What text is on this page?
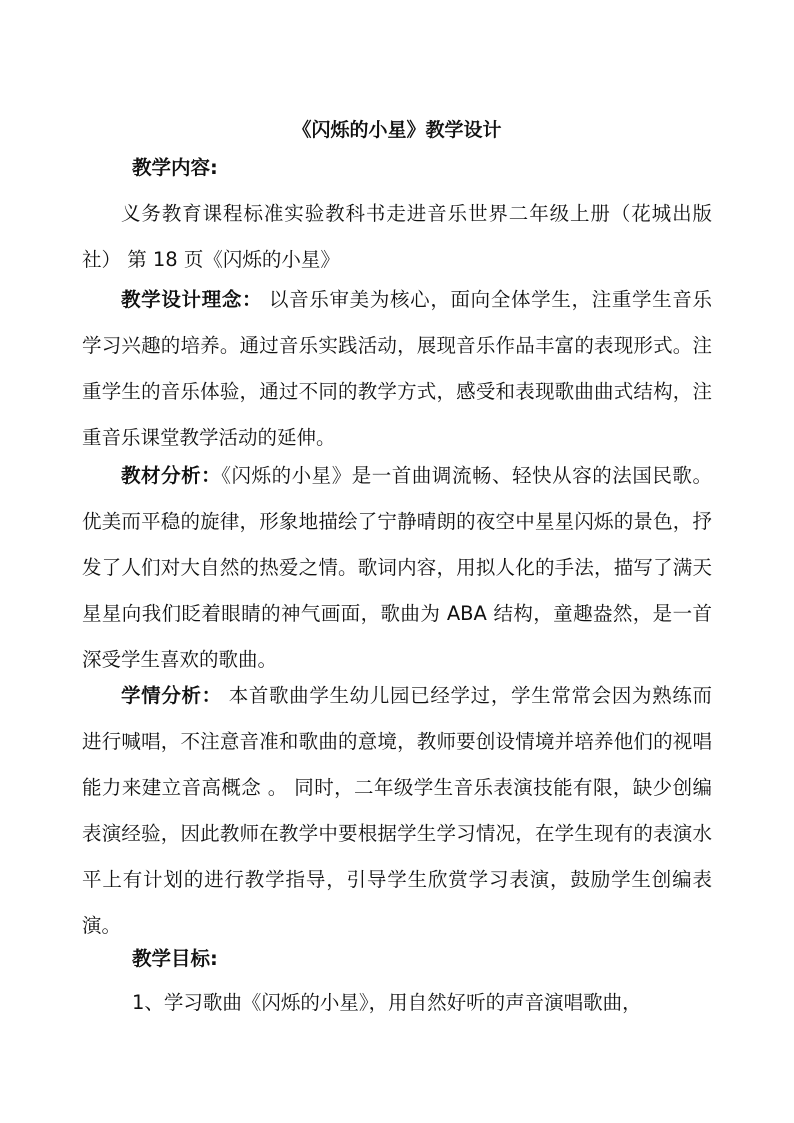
《闪烁的小星》教学设计
教学内容:
义务教育课程标准实验教科书走进音乐世界二年级上册（花城出版社） 第 18 页《闪烁的小星》
教学设计理念： 以音乐审美为核心，面向全体学生，注重学生音乐学习兴趣的培养。通过音乐实践活动，展现音乐作品丰富的表现形式。注重学生的音乐体验，通过不同的教学方式，感受和表现歌曲曲式结构，注重音乐课堂教学活动的延伸。
教材分析：《闪烁的小星》是一首曲调流畅、轻快从容的法国民歌。优美而平稳的旋律，形象地描绘了宁静晴朗的夜空中星星闪烁的景色，抒发了人们对大自然的热爱之情。歌词内容，用拟人化的手法，描写了满天星星向我们眨着眼睛的神气画面，歌曲为 ABA 结构，童趣盎然，是一首深受学生喜欢的歌曲。
学情分析： 本首歌曲学生幼儿园已经学过，学生常常会因为熟练而进行喊唱，不注意音准和歌曲的意境，教师要创设情境并培养他们的视唱能力来建立音高概念 。 同时，二年级学生音乐表演技能有限，缺少创编表演经验，因此教师在教学中要根据学生学习情况，在学生现有的表演水平上有计划的进行教学指导，引导学生欣赏学习表演，鼓励学生创编表演。
教学目标:
1、学习歌曲《闪烁的小星》，用自然好听的声音演唱歌曲，
